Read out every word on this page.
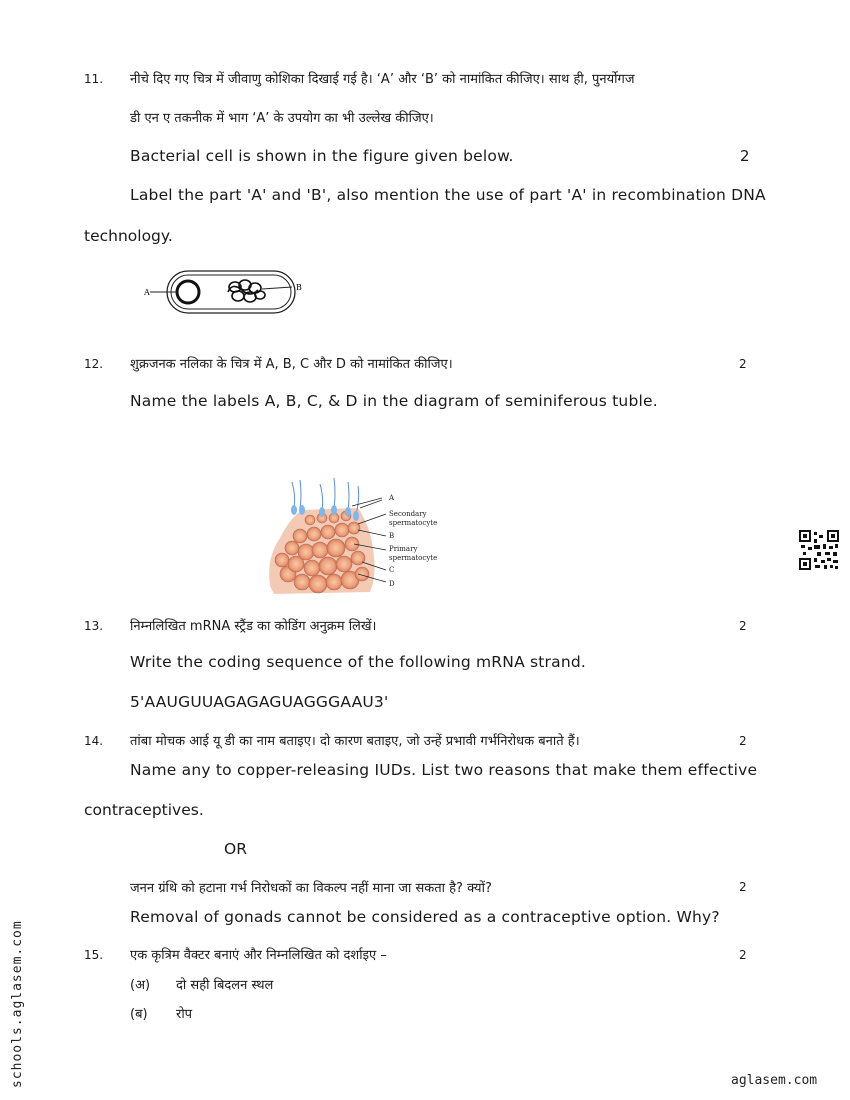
schools.aglasem.com
11. नीचे दिए गए चित्र में जीवाणु कोशिका दिखाई गई है। ‘A’ और ‘B’ को नामांकित कीजिए। साथ ही, पुनर्योगज
डी एन ए तकनीक में भाग ‘A’ के उपयोग का भी उल्लेख कीजिए।
Bacterial cell is shown in the figure given below.	2
Label the part 'A' and 'B', also mention the use of part 'A' in recombination DNA
technology.
A
B
12. शुक्रजनक नलिका के चित्र में A, B, C और D को नामांकित कीजिए।	2
Name the labels A, B, C, & D in the diagram of seminiferous tuble.
A
Secondary
spermatocyte
B
Primary
spermatocyte
C
D
13. निम्नलिखित mRNA स्ट्रैंड का कोडिंग अनुक्रम लिखें।	2
Write the coding sequence of the following mRNA strand.
5'AAUGUUAGAGAGUAGGGAAU3'
14. तांबा मोचक आई यू डी का नाम बताइए। दो कारण बताइए, जो उन्हें प्रभावी गर्भनिरोधक बनाते हैं।	2
Name any to copper-releasing IUDs. List two reasons that make them effective
contraceptives.
OR
जनन ग्रंथि को हटाना गर्भ निरोधकों का विकल्प नहीं माना जा सकता है? क्यों?	2
Removal of gonads cannot be considered as a contraceptive option. Why?
15. एक कृत्रिम वैक्टर बनाएं और निम्नलिखित को दर्शाइए –	2
(अ) दो सही बिदलन स्थल
(ब) रोप
aglasem.com
